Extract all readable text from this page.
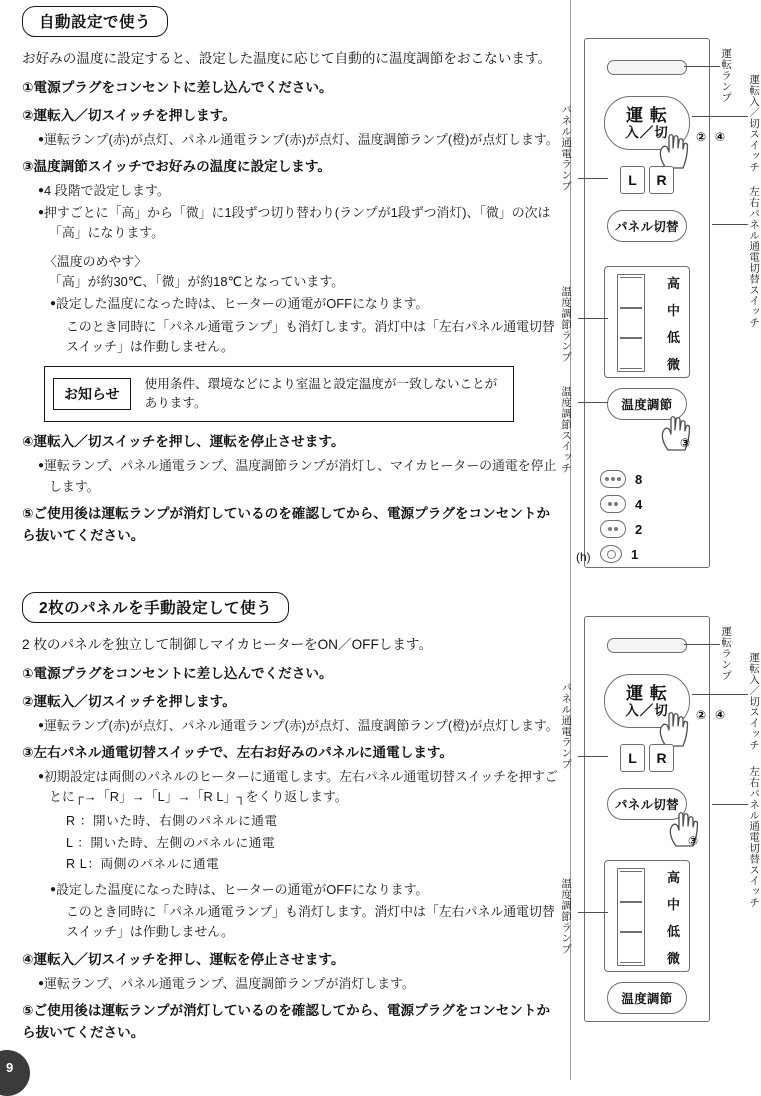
自動設定で使う
お好みの温度に設定すると、設定した温度に応じて自動的に温度調節をおこないます。
①電源プラグをコンセントに差し込んでください。
②運転入／切スイッチを押します。
●運転ランプ(赤)が点灯、パネル通電ランプ(赤)が点灯、温度調節ランプ(橙)が点灯します。
③温度調節スイッチでお好みの温度に設定します。
●4 段階で設定します。
●押すごとに「高」から「微」に1段ずつ切り替わり(ランプが1段ずつ消灯)、「微」の次は「高」になります。
〈温度のめやす〉
「高」が約30℃、「微」が約18℃となっています。
●設定した温度になった時は、ヒーターの通電がOFFになります。
このとき同時に「パネル通電ランプ」も消灯します。消灯中は「左右パネル通電切替スイッチ」は作動しません。
お知らせ
使用条件、環境などにより室温と設定温度が一致しないことがあります。
④運転入／切スイッチを押し、運転を停止させます。
●運転ランプ、パネル通電ランプ、温度調節ランプが消灯し、マイカヒーターの通電を停止します。
⑤ご使用後は運転ランプが消灯しているのを確認してから、電源プラグをコンセントから抜いてください。
2枚のパネルを手動設定して使う
2 枚のパネルを独立して制御しマイカヒーターをON／OFFします。
①電源プラグをコンセントに差し込んでください。
②運転入／切スイッチを押します。
●運転ランプ(赤)が点灯、パネル通電ランプ(赤)が点灯、温度調節ランプ(橙)が点灯します。
③左右パネル通電切替スイッチで、左右お好みのパネルに通電します。
●初期設定は両側のパネルのヒーターに通電します。左右パネル通電切替スイッチを押すごとに┌→「R」→「L」→「R L」┐をくり返します。
R ：開いた時、右側のパネルに通電
L ：開いた時、左側のパネルに通電
R L：両側のパネルに通電
●設定した温度になった時は、ヒーターの通電がOFFになります。
このとき同時に「パネル通電ランプ」も消灯します。消灯中は「左右パネル通電切替スイッチ」は作動しません。
④運転入／切スイッチを押し、運転を停止させます。
●運転ランプ、パネル通電ランプ、温度調節ランプが消灯します。
⑤ご使用後は運転ランプが消灯しているのを確認してから、電源プラグをコンセントから抜いてください。
運 転
入／切
L	R
パネル切替
高
中
低
微
温度調節
8
4
2
(h)	1
運転ランプ 運転入／切スイッチ
パネル通電ランプ
左右パネル通電切替スイッチ
温度調節ランプ
温度調節スイッチ
② ④
③
運 転
入／切
L	R
パネル切替
高
中
低
微
温度調節
運転ランプ 運転入／切スイッチ
パネル通電ランプ
左右パネル通電切替スイッチ
温度調節ランプ
② ④
③
9
